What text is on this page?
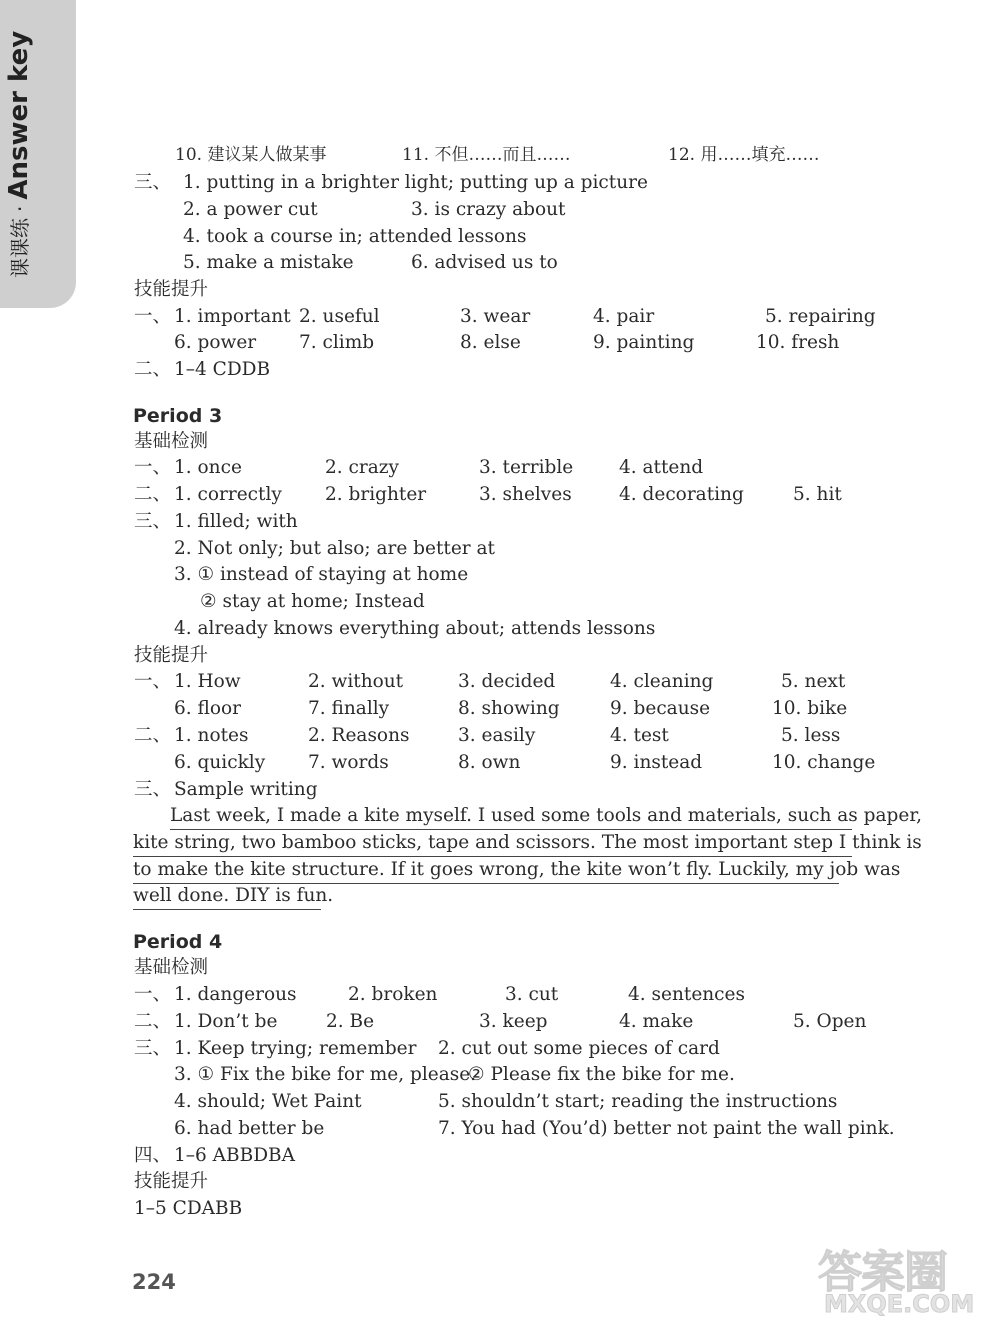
课课练·Answer key	10. 建议某人做某事	11. 不但……而且……	12. 用……填充……
三、 1. putting in a brighter light; putting up a picture
2. a power cut	3. is crazy about
4. took a course in; attended lessons
5. make a mistake	6. advised us to
技能提升
一、 1. important 2. useful	3. wear	4. pair	5. repairing
6. power 7. climb	8. else	9. painting	10. fresh
二、 1–4 CDDB
Period 3
基础检测
一、 1. once	2. crazy	3. terrible 4. attend
二、 1. correctly 2. brighter	3. shelves	4. decorating	5. hit
三、 1. filled; with
2. Not only; but also; are better at
3. ① instead of staying at home
② stay at home; Instead
4. already knows everything about; attends lessons
技能提升
一、 1. How	2. without	3. decided	4. cleaning	5. next
6. floor	7. finally	8. showing	9. because	10. bike
二、 1. notes	2. Reasons	3. easily	4. test	5. less
6. quickly 7. words	8. own	9. instead	10. change
三、 Sample writing
Last week, I made a kite myself. I used some tools and materials, such as paper,
kite string, two bamboo sticks, tape and scissors. The most important step I think is
to make the kite structure. If it goes wrong, the kite won’t fly. Luckily, my job was
well done. DIY is fun.
Period 4
基础检测
一、 1. dangerous	2. broken	3. cut	4. sentences
二、 1. Don’t be	2. Be	3. keep	4. make	5. Open
三、 1. Keep trying; remember 2. cut out some pieces of card
3. ① Fix the bike for me, please.
② Please fix the bike for me.
4. should; Wet Paint	5. shouldn’t start; reading the instructions
6. had better be	7. You had (You’d) better not paint the wall pink.
四、 1–6 ABBDBA
技能提升
1–5 CDABB
224	答案圈
MXQE.COM
